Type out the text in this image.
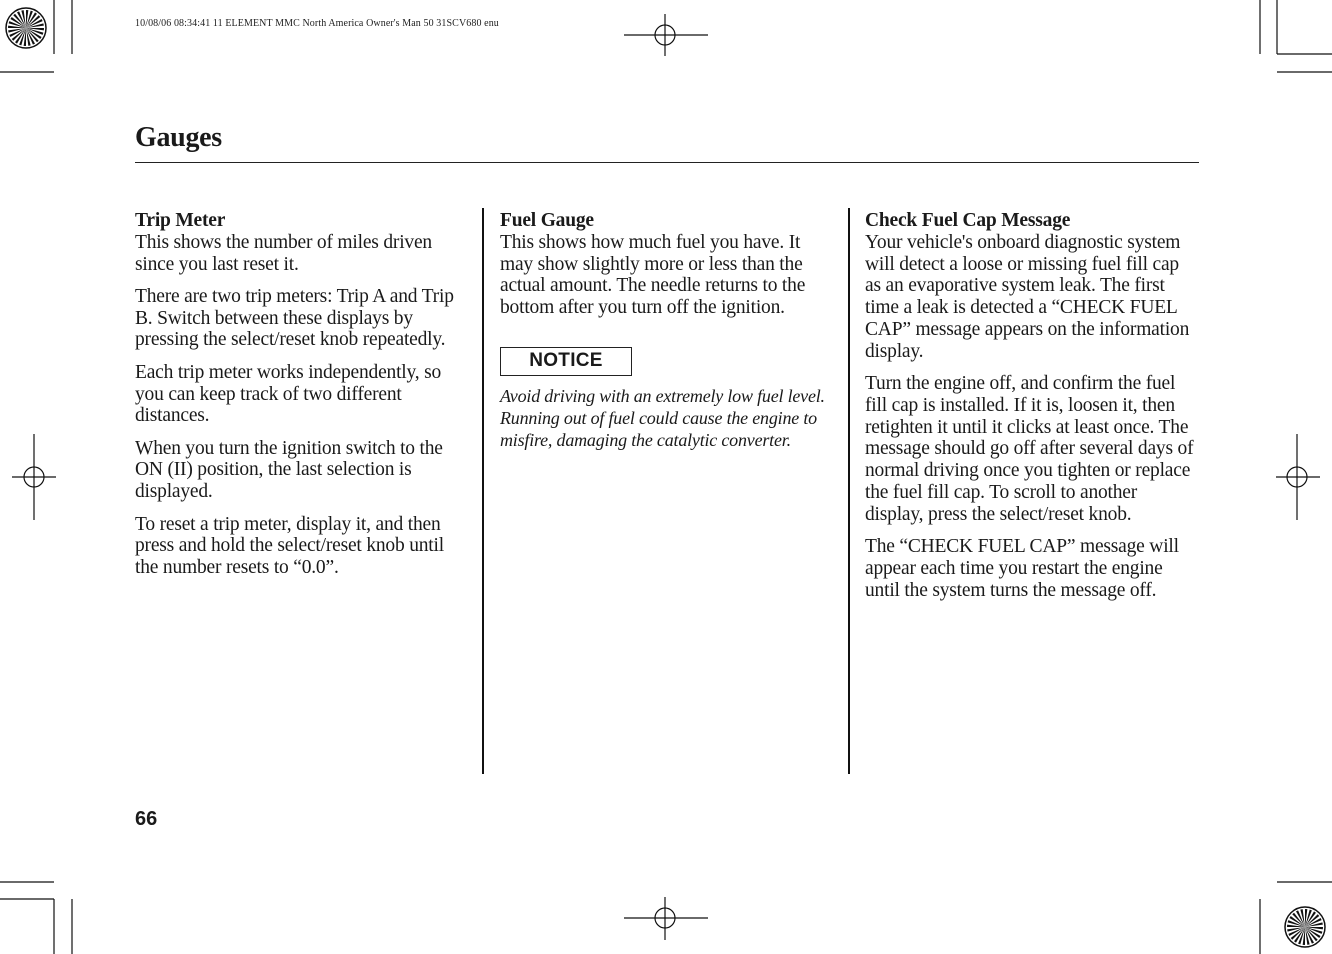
10/08/06 08:34:41 11 ELEMENT MMC North America Owner's Man 50 31SCV680 enu
Gauges
Trip Meter

This shows the number of miles driven since you last reset it.

There are two trip meters: Trip A and Trip B. Switch between these displays by pressing the select/reset knob repeatedly.

Each trip meter works independently, so you can keep track of two different distances.

When you turn the ignition switch to the ON (II) position, the last selection is displayed.

To reset a trip meter, display it, and then press and hold the select/reset knob until the number resets to “0.0”.

Fuel Gauge

This shows how much fuel you have. It may show slightly more or less than the actual amount. The needle returns to the bottom after you turn off the ignition.

NOTICE

Avoid driving with an extremely low fuel level. Running out of fuel could cause the engine to misfire, damaging the catalytic converter.

Check Fuel Cap Message

Your vehicle's onboard diagnostic system will detect a loose or missing fuel fill cap as an evaporative system leak. The first time a leak is detected a “CHECK FUEL CAP” message appears on the information display.

Turn the engine off, and confirm the fuel fill cap is installed. If it is, loosen it, then retighten it until it clicks at least once. The message should go off after several days of normal driving once you tighten or replace the fuel fill cap. To scroll to another display, press the select/reset knob.

The “CHECK FUEL CAP” message will appear each time you restart the engine until the system turns the message off.

66
